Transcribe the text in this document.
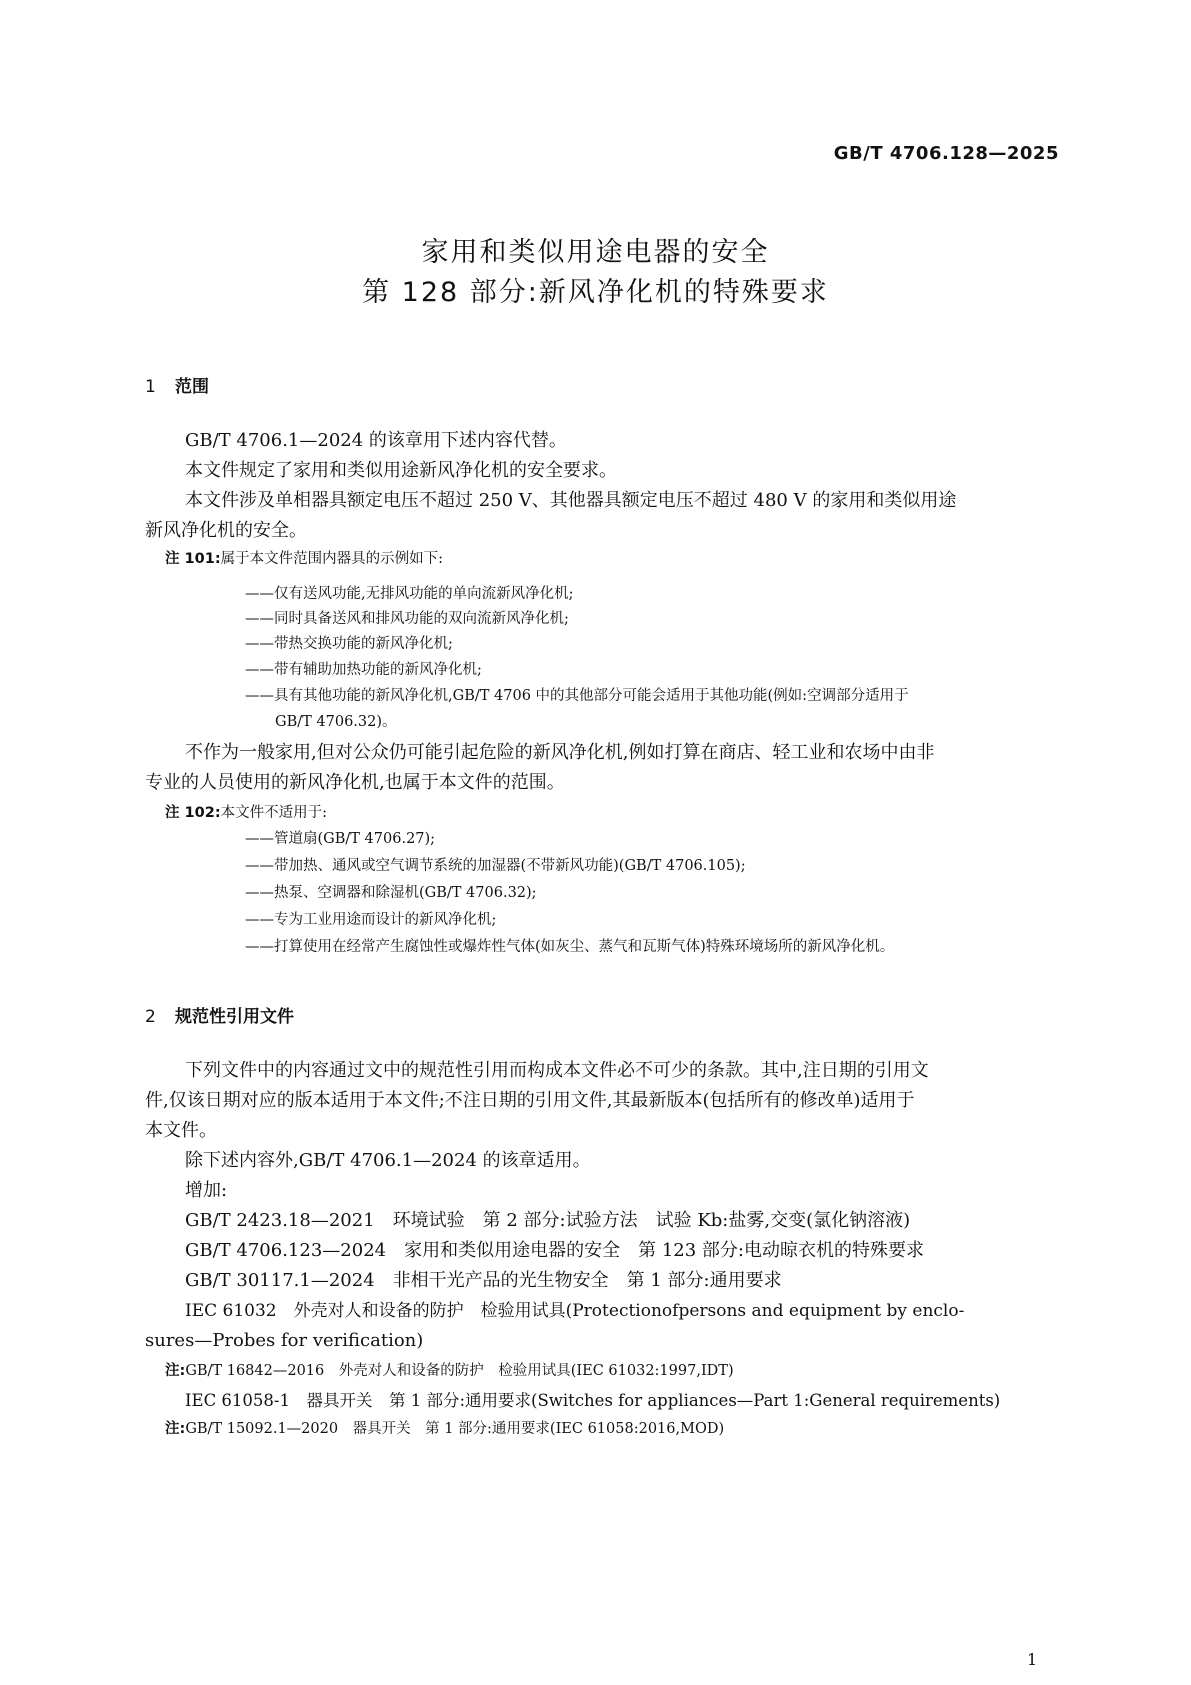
GB/T 4706.128—2025
家用和类似用途电器的安全
第 128 部分:新风净化机的特殊要求
1 范围
GB/T 4706.1—2024 的该章用下述内容代替。
本文件规定了家用和类似用途新风净化机的安全要求。
本文件涉及单相器具额定电压不超过 250 V、其他器具额定电压不超过 480 V 的家用和类似用途
新风净化机的安全。
注 101:属于本文件范围内器具的示例如下:
——仅有送风功能,无排风功能的单向流新风净化机;
——同时具备送风和排风功能的双向流新风净化机;
——带热交换功能的新风净化机;
——带有辅助加热功能的新风净化机;
——具有其他功能的新风净化机,GB/T 4706 中的其他部分可能会适用于其他功能(例如:空调部分适用于
GB/T 4706.32)。
不作为一般家用,但对公众仍可能引起危险的新风净化机,例如打算在商店、轻工业和农场中由非
专业的人员使用的新风净化机,也属于本文件的范围。
注 102:本文件不适用于:
——管道扇(GB/T 4706.27);
——带加热、通风或空气调节系统的加湿器(不带新风功能)(GB/T 4706.105);
——热泵、空调器和除湿机(GB/T 4706.32);
——专为工业用途而设计的新风净化机;
——打算使用在经常产生腐蚀性或爆炸性气体(如灰尘、蒸气和瓦斯气体)特殊环境场所的新风净化机。
2 规范性引用文件
下列文件中的内容通过文中的规范性引用而构成本文件必不可少的条款。其中,注日期的引用文
件,仅该日期对应的版本适用于本文件;不注日期的引用文件,其最新版本(包括所有的修改单)适用于
本文件。
除下述内容外,GB/T 4706.1—2024 的该章适用。
增加:
GB/T 2423.18—2021　环境试验　第 2 部分:试验方法　试验 Kb:盐雾,交变(氯化钠溶液)
GB/T 4706.123—2024　家用和类似用途电器的安全　第 123 部分:电动晾衣机的特殊要求
GB/T 30117.1—2024　非相干光产品的光生物安全　第 1 部分:通用要求
IEC 61032　外壳对人和设备的防护　检验用试具(Protectionofpersons and equipment by enclo-
sures—Probes for verification)
注:GB/T 16842—2016　外壳对人和设备的防护　检验用试具(IEC 61032:1997,IDT)
IEC 61058-1　器具开关　第 1 部分:通用要求(Switches for appliances—Part 1:General requirements)
注:GB/T 15092.1—2020　器具开关　第 1 部分:通用要求(IEC 61058:2016,MOD)
1
